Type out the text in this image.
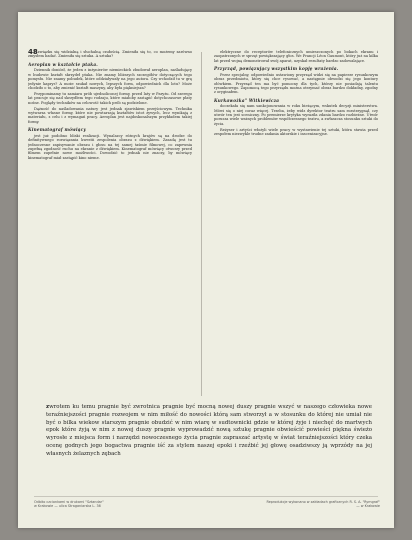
48

z związku się widzialną i słuchalną czułością. Zmieniła się to, co możemy zarówno zmysłem badać. Zmieniła się sztuka. A sztuka?

Aeroplan w kształcie ptaka.

Dziennik doniósł, że jeden z inżynierów niemieckich zbudował aeroplan, naśladujący w budowie kształt skrzydeł ptaka. Nie znamy bliższych szczegółów dotyczących tego pomysłu. Nie znamy pobudek, które oddziaływały na jego autora. Czy wchodził tu w grę jedynie kaprys? A może szukał nowych, lepszych form, odpowiednich dla lotu? Może chodziło o to, aby zmienić kształt maszyny, aby była piękniejsza?

Przypominamy tu zamiaru prób ujednoliconej formy, przed laty w Paryżu. Od szeregu lat pracuje się nad skrzydłem tego rodzaju, które miałoby zastąpić dotychczasowe płaty nośne. Poglądy techników na celowość takich prób są podzielone.

Dążność do naśladowania natury jest jednak zjawiskiem przejściowym. Technika wytwarza własne formy, które nie powtarzają kształtów istot żywych, lecz wynikają z materiału, z celu i z wymagań pracy. Aeroplan jest najdoskonalszym przykładem takiej formy.

Kinematograf mówiący

jest już podobno bliski realizacji. Wynalazcy różnych krajów są na drodze do definitywnego rozwiązania kwestii zespolenia obrazu z dźwiękiem. Zasadą jest tu jednoczesne zapisywanie obrazu i głosu na tej samej taśmie filmowej, co zapewnia zupełną zgodność ruchu na ekranie z dźwiękiem. Kinematograf mówiący otworzy przed filmem zupełnie nowe możliwości. Dowodzić to jednak nie znaczy, by mówiący kinematograf miał zastąpić kino nieme.

elektryczne do receptorów telefonicznych umieszczonych po bokach ekranu i zaopatrzonych w sprzęt powiększający głos. We Francji Léon Gaumont, który już na kilka lat przed wojną demonstrował swój aparat, uzyskał rezultaty bardzo zadowalające.

Przyrząd, powiązujący wszystkim kopję wrażenia.

Przez specjalny, odpowiednio ustawiony przyrząd widzi się na papierze rysunkowym obraz przedmiotu, który się chce rysować, a następnie obwodzi się jego kontury ołówkiem. Przyrząd ten ma być pomocny dla tych, którzy nie posiadają talentu rysunkowego. Zapomocą tego przyrządu można otrzymać obraz bardzo dokładny, zgodny z oryginałem.

Kurkawożka" Witkiewicza

doczekała się nam sankcjonowania w roku bieżącym, wskutek decyzji ministerstwa. Mówi się o niej coraz więcej. Trzeba, żeby widz dyrektor teatru sam rozstrzygnął, czy utwór ten jest sceniczny. Po premierze krytyka wyraziła zdania bardzo rozbieżne. Utwór porusza wiele ważnych problemów współczesnego teatru, a zwłaszcza stosunku sztuki do życia.

Reżyser i artyści włożyli wiele pracy w wystawienie tej sztuki, która stawia przed zespołem niezwykle trudne zadania aktorskie i inscenizacyjne.

zwrotem ku temu pragnie być zwrotnica pragnie być mocną nowej duszy pragnie wszyć w naszego człowieka nowe teraźniejszości pragnie rozwojem w nim miłość do nowości którą sam stworzył a w stosunku do której nie umiał nie być o bilka wiekow starszym pragnie obudzić w nim wiarę w sudtownicki gdzie w której żyje i niechęć do martwych epok które żyją w nim z nowej duszy pragnie wyprowadzić nową sztukę pragnie obwieścić powieści piękna świeżo wyrosłe z miejsca form i narzędzi nowoczesnego życia pragnie zapraszać artystę w świat teraźniejszości który czeka ocenę godnych jego bogactwa pragnie iść za stylem naszej epoki i rzeźbić jej głowę osadziwszy ją wprzódy na jej własnych żelaznych zębach
Odbito czcionkami w drukarni "Sztandar"
w Krakowie — ulica Straganiarska L. 36
Reprodukcje wykonano w zakładach graficznych R. S. A. "Rymgraf"
— w Krakowie
